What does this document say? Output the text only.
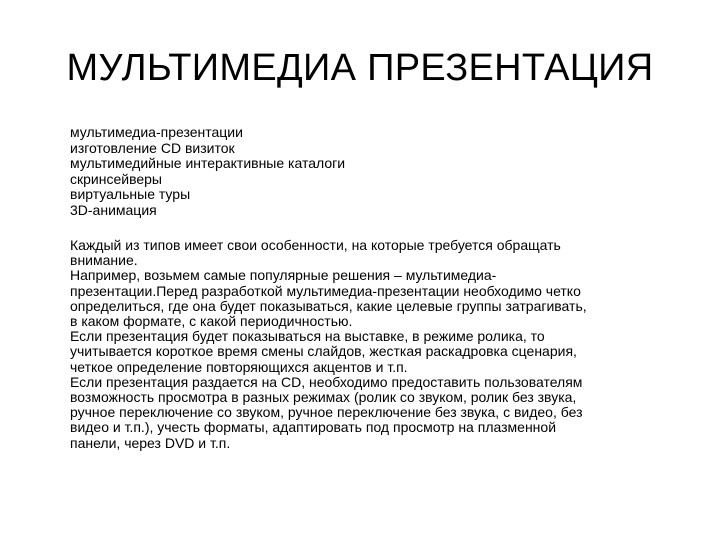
МУЛЬТИМЕДИА ПРЕЗЕНТАЦИЯ
мультимедиа-презентации
изготовление CD визиток
мультимедийные интерактивные каталоги
скринсейверы
виртуальные туры
3D-анимация

Каждый из типов имеет свои особенности, на которые требуется обращать
внимание.

Например, возьмем самые популярные решения – мультимедиа-
презентации.Перед разработкой мультимедиа-презентации необходимо четко
определиться, где она будет показываться, какие целевые группы затрагивать,
в каком формате, с какой периодичностью.

Если презентация будет показываться на выставке, в режиме ролика, то
учитывается короткое время смены слайдов, жесткая раскадровка сценария,
четкое определение повторяющихся акцентов и т.п.

Если презентация раздается на CD, необходимо предоставить пользователям
возможность просмотра в разных режимах (ролик со звуком, ролик без звука,
ручное переключение со звуком, ручное переключение без звука, с видео, без
видео и т.п.), учесть форматы, адаптировать под просмотр на плазменной
панели, через DVD и т.п.
